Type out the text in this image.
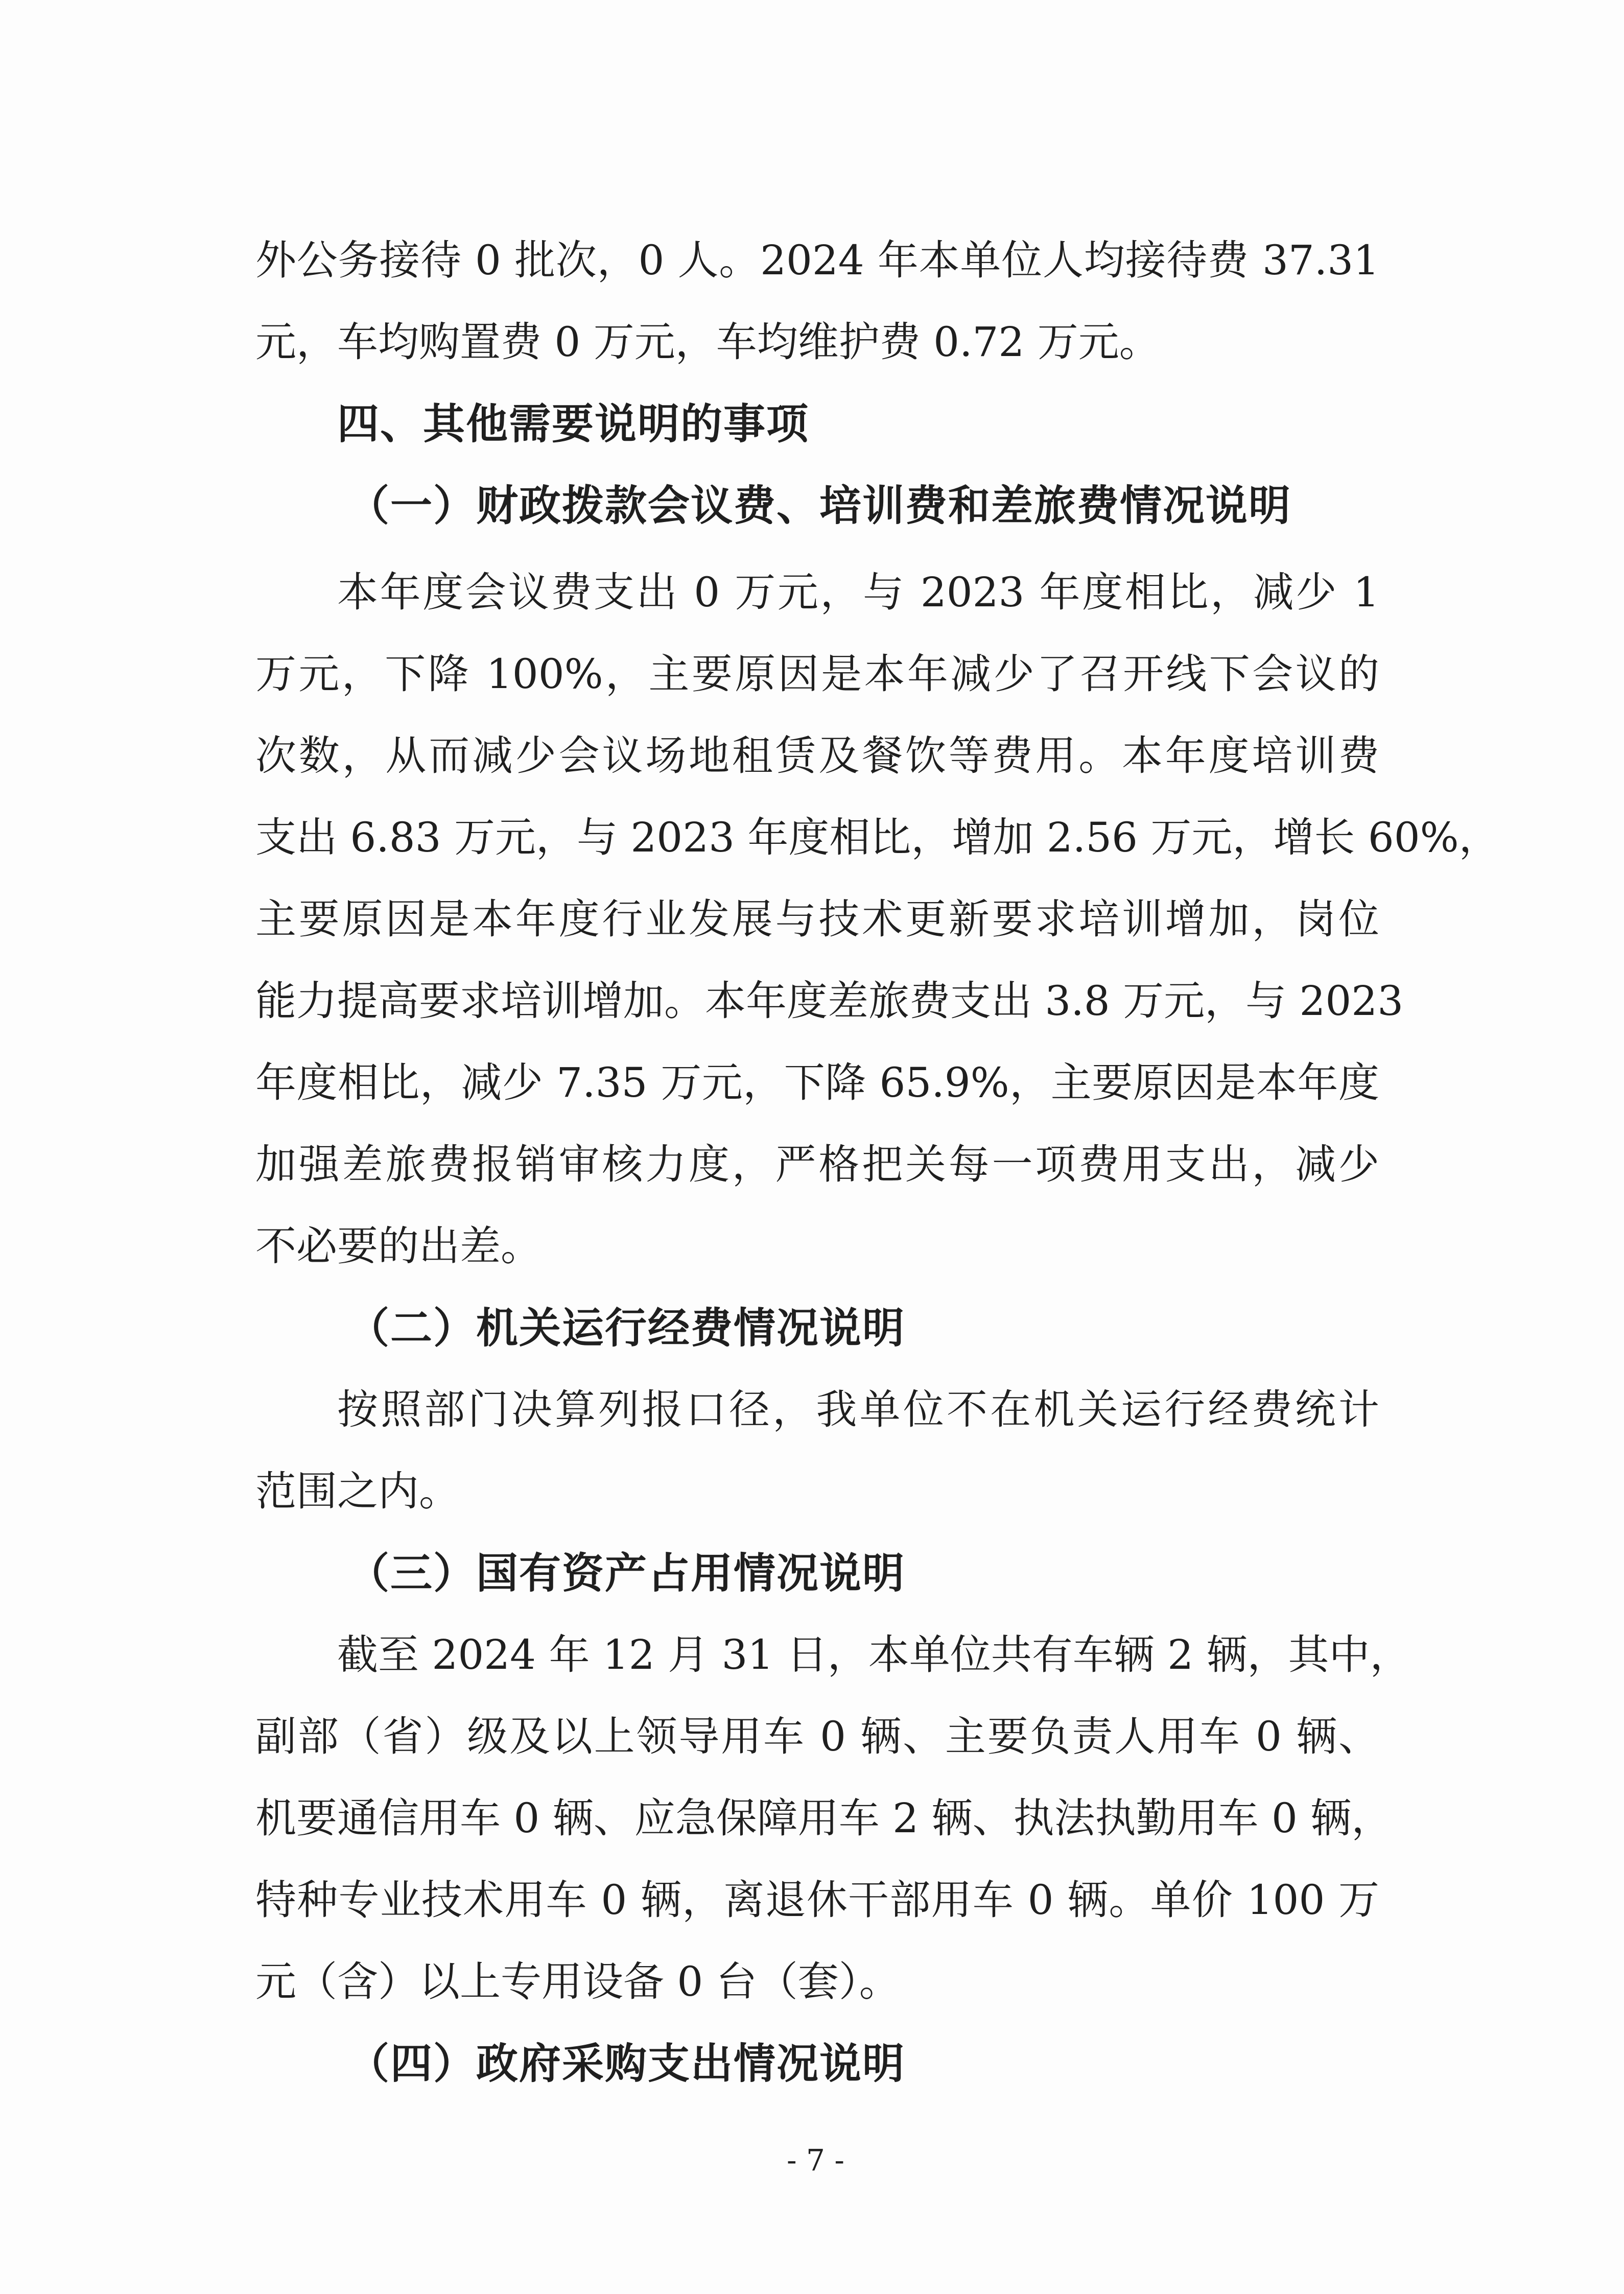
外公务接待 0 批次，0 人。2024 年本单位人均接待费 37.31
元，车均购置费 0 万元，车均维护费 0.72 万元。
四、其他需要说明的事项
（一）财政拨款会议费、培训费和差旅费情况说明
本年度会议费支出 0 万元，与 2023 年度相比，减少 1
万元，下降 100%，主要原因是本年减少了召开线下会议的
次数，从而减少会议场地租赁及餐饮等费用。本年度培训费
支出 6.83 万元，与 2023 年度相比，增加 2.56 万元，增长 60%，
主要原因是本年度行业发展与技术更新要求培训增加，岗位
能力提高要求培训增加。本年度差旅费支出 3.8 万元，与 2023
年度相比，减少 7.35 万元，下降 65.9%，主要原因是本年度
加强差旅费报销审核力度，严格把关每一项费用支出，减少
不必要的出差。
（二）机关运行经费情况说明
按照部门决算列报口径，我单位不在机关运行经费统计
范围之内。
（三）国有资产占用情况说明
截至 2024 年 12 月 31 日，本单位共有车辆 2 辆，其中，
副部（省）级及以上领导用车 0 辆、主要负责人用车 0 辆、
机要通信用车 0 辆、应急保障用车 2 辆、执法执勤用车 0 辆，
特种专业技术用车 0 辆，离退休干部用车 0 辆。单价 100 万
元（含）以上专用设备 0 台（套）。
（四）政府采购支出情况说明
- 7 -
